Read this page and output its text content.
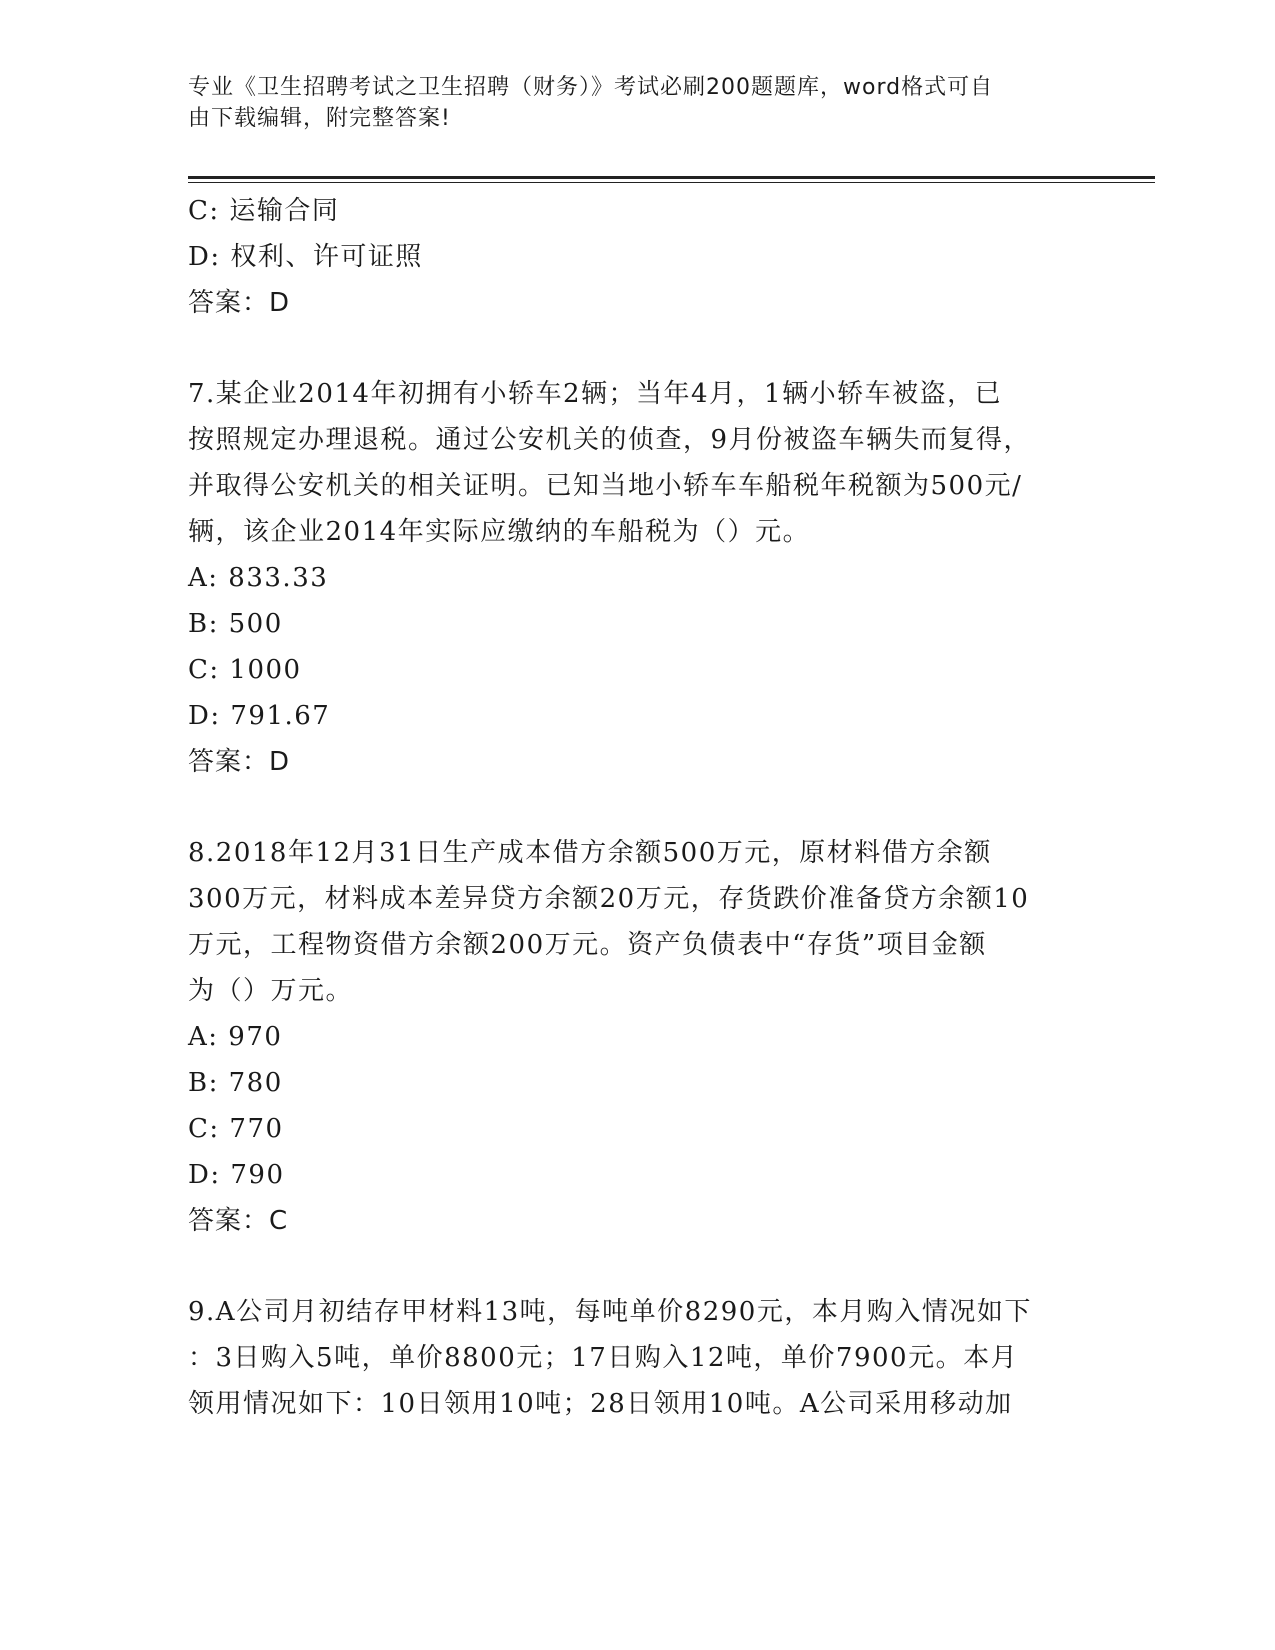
专业《卫生招聘考试之卫生招聘（财务）》考试必刷200题题库，word格式可自
由下载编辑，附完整答案!
C: 运输合同
D: 权利、许可证照
答案：D
7.某企业2014年初拥有小轿车2辆；当年4月，1辆小轿车被盗，已
按照规定办理退税。通过公安机关的侦查，9月份被盗车辆失而复得，
并取得公安机关的相关证明。已知当地小轿车车船税年税额为500元/
辆，该企业2014年实际应缴纳的车船税为（）元。
A: 833.33
B: 500
C: 1000
D: 791.67
答案：D
8.2018年12月31日生产成本借方余额500万元，原材料借方余额
300万元，材料成本差异贷方余额20万元，存货跌价准备贷方余额10
万元，工程物资借方余额200万元。资产负债表中“存货”项目金额
为（）万元。
A: 970
B: 780
C: 770
D: 790
答案：C
9.A公司月初结存甲材料13吨，每吨单价8290元，本月购入情况如下
：3日购入5吨，单价8800元；17日购入12吨，单价7900元。本月
领用情况如下：10日领用10吨；28日领用10吨。A公司采用移动加
